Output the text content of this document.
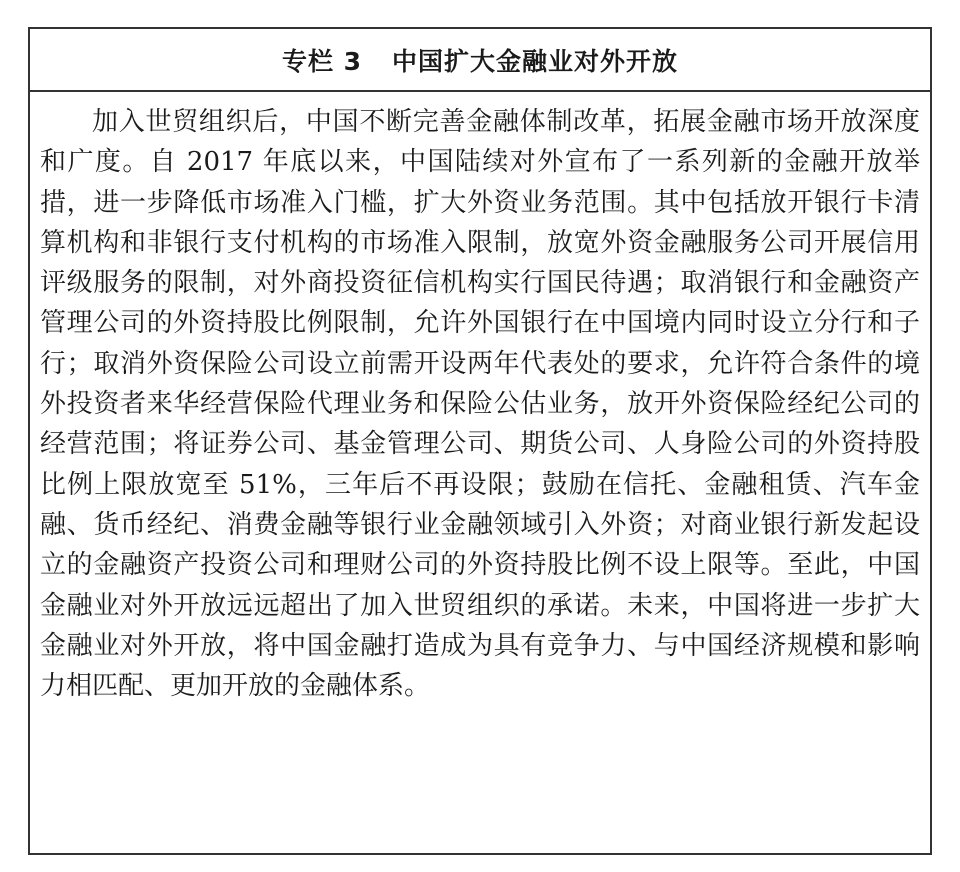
专栏 3 中国扩大金融业对外开放

加入世贸组织后，中国不断完善金融体制改革，拓展金融市场开放深度和广度。自 2017 年底以来，中国陆续对外宣布了一系列新的金融开放举措，进一步降低市场准入门槛，扩大外资业务范围。其中包括放开银行卡清算机构和非银行支付机构的市场准入限制，放宽外资金融服务公司开展信用评级服务的限制，对外商投资征信机构实行国民待遇；取消银行和金融资产管理公司的外资持股比例限制，允许外国银行在中国境内同时设立分行和子行；取消外资保险公司设立前需开设两年代表处的要求，允许符合条件的境外投资者来华经营保险代理业务和保险公估业务，放开外资保险经纪公司的经营范围；将证券公司、基金管理公司、期货公司、人身险公司的外资持股比例上限放宽至 51%，三年后不再设限；鼓励在信托、金融租赁、汽车金融、货币经纪、消费金融等银行业金融领域引入外资；对商业银行新发起设立的金融资产投资公司和理财公司的外资持股比例不设上限等。至此，中国金融业对外开放远远超出了加入世贸组织的承诺。未来，中国将进一步扩大金融业对外开放，将中国金融打造成为具有竞争力、与中国经济规模和影响力相匹配、更加开放的金融体系。
